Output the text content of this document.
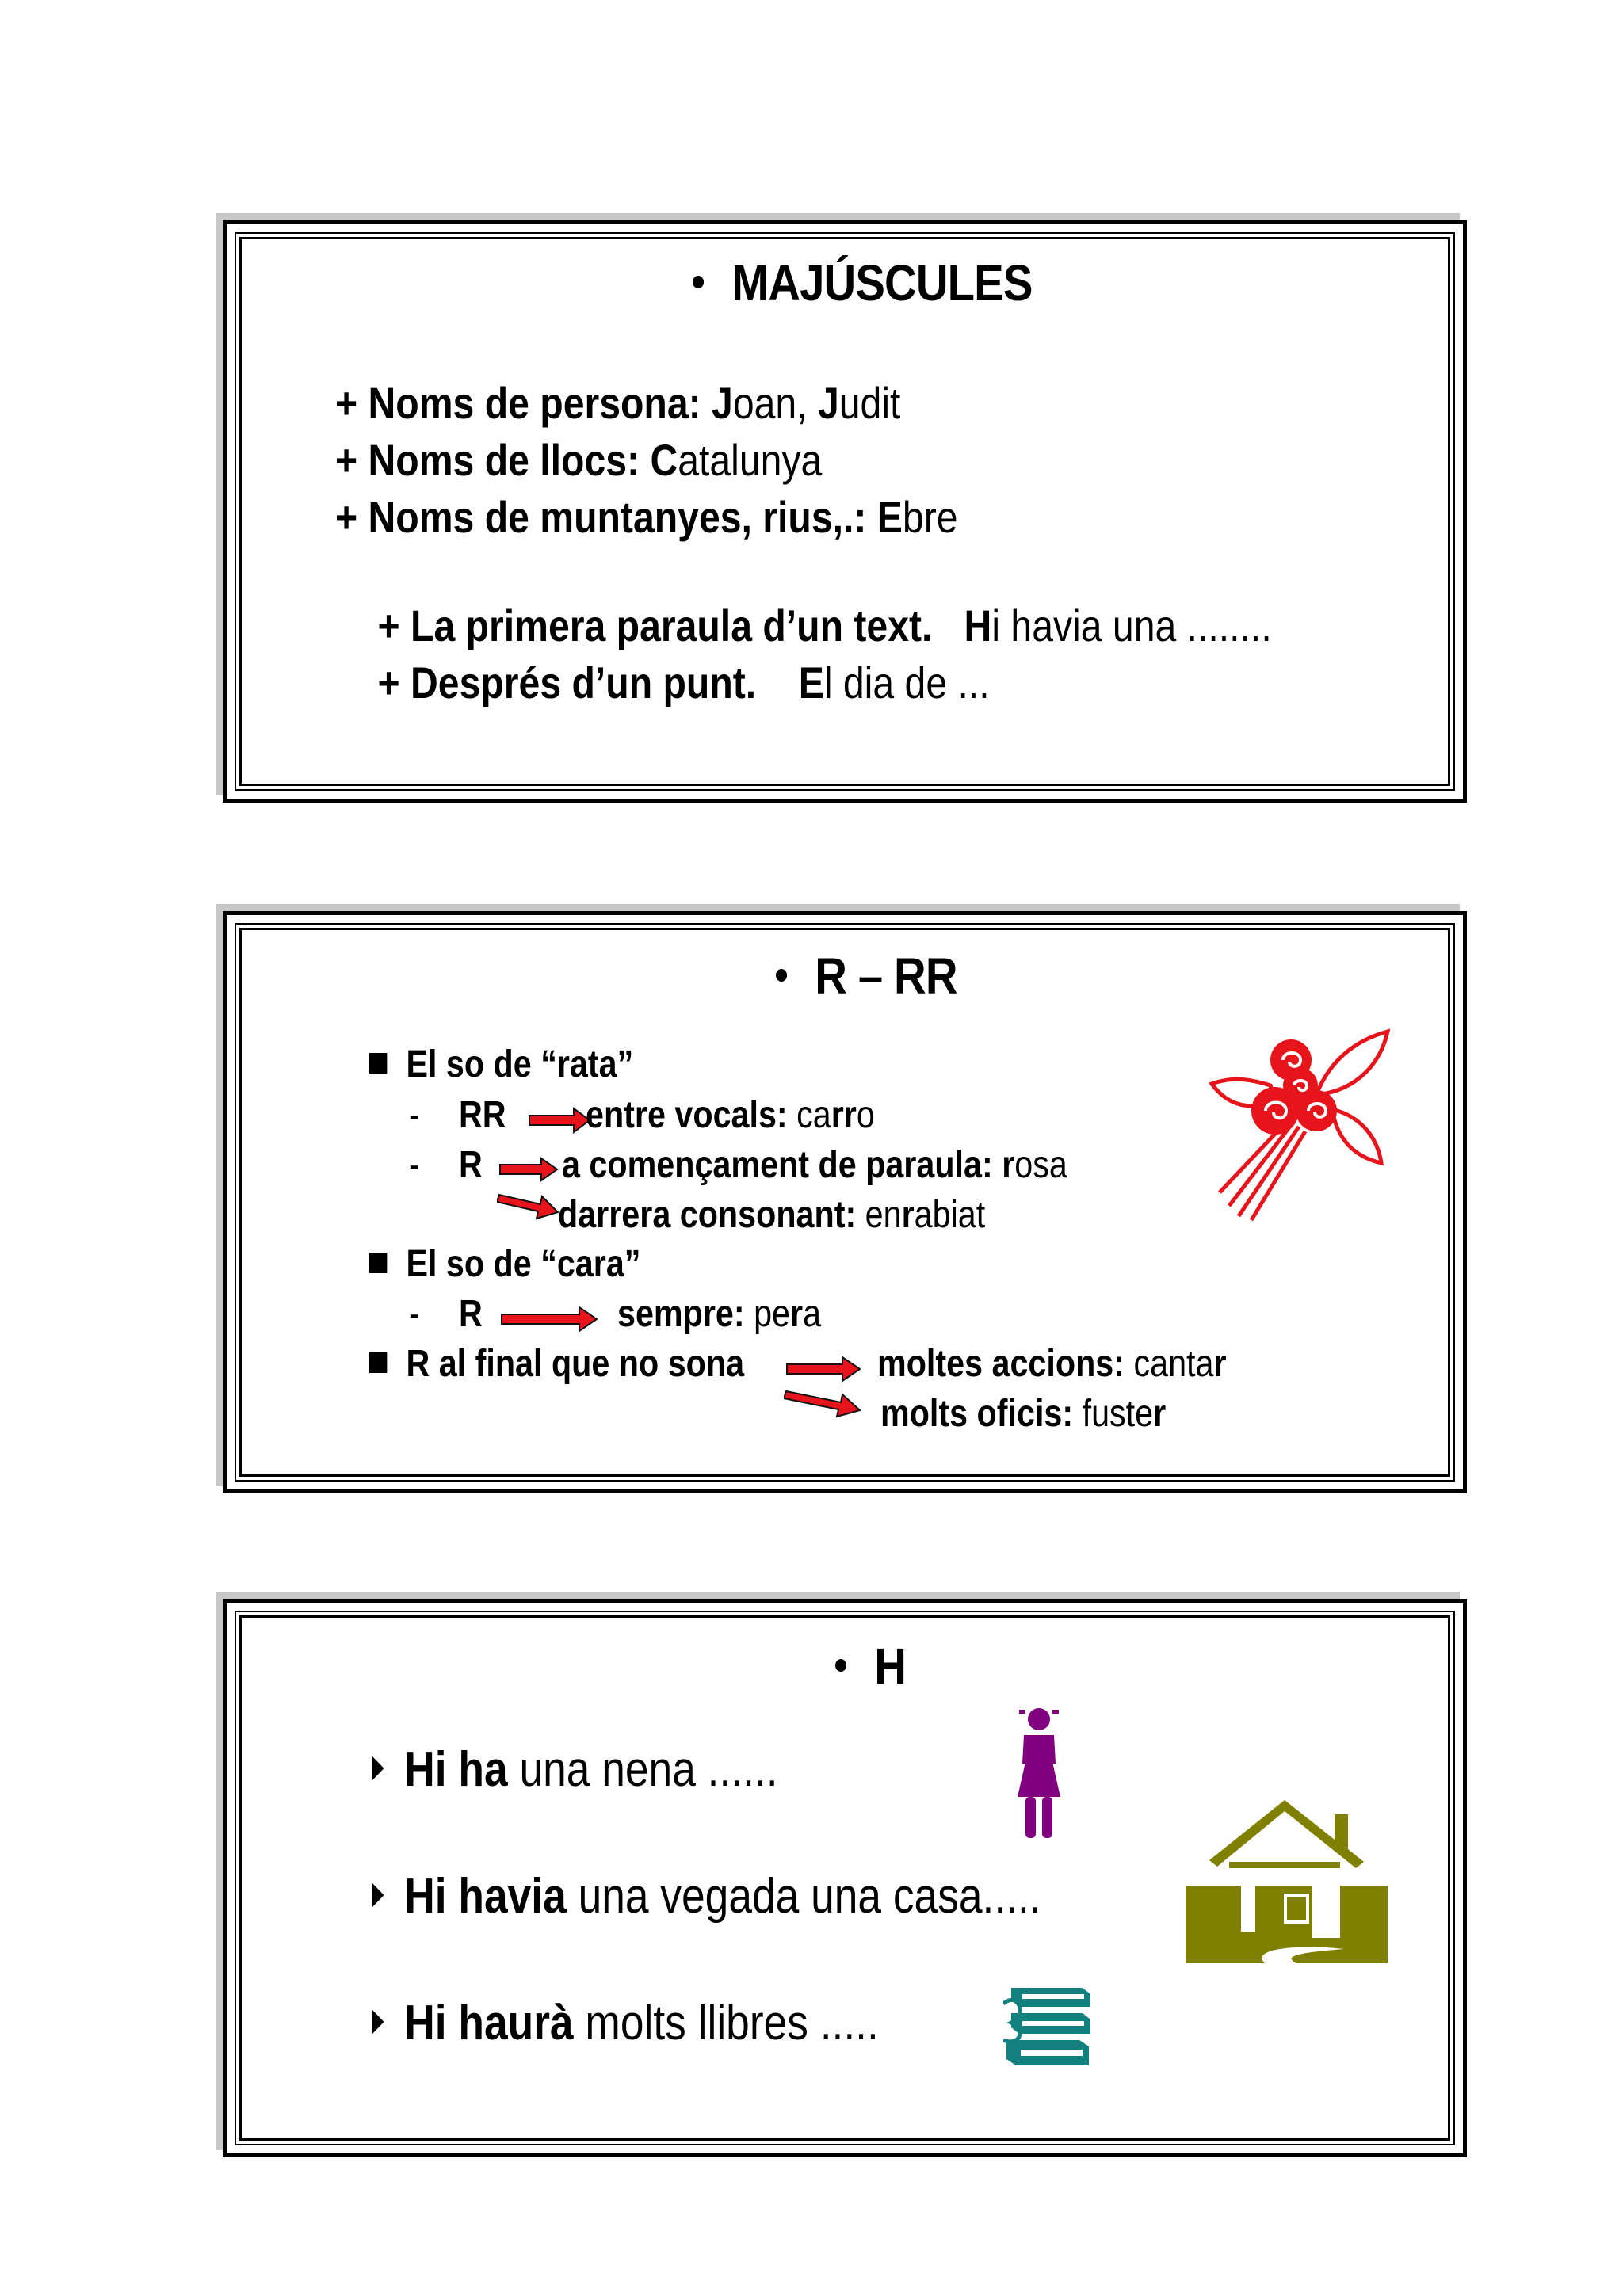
MAJÚSCULES
+ Noms de persona: Joan, Judit
+ Noms de llocs: Catalunya
+ Noms de muntanyes, rius,.: Ebre

+ La primera paraula d’un text.   Hi havia una ........

+ Després d’un punt.    El dia de ...

R – RR
El so de “rata”
- RR entre vocals: carro
- R a començament de paraula: rosa
darrera consonant: enrabiat
El so de “cara”
- R	sempre: pera
R al final que no sona	moltes accions: cantar
molts oficis: fuster
H
Hi ha una nena ......
Hi havia una vegada una casa.....
Hi haurà molts llibres .....
